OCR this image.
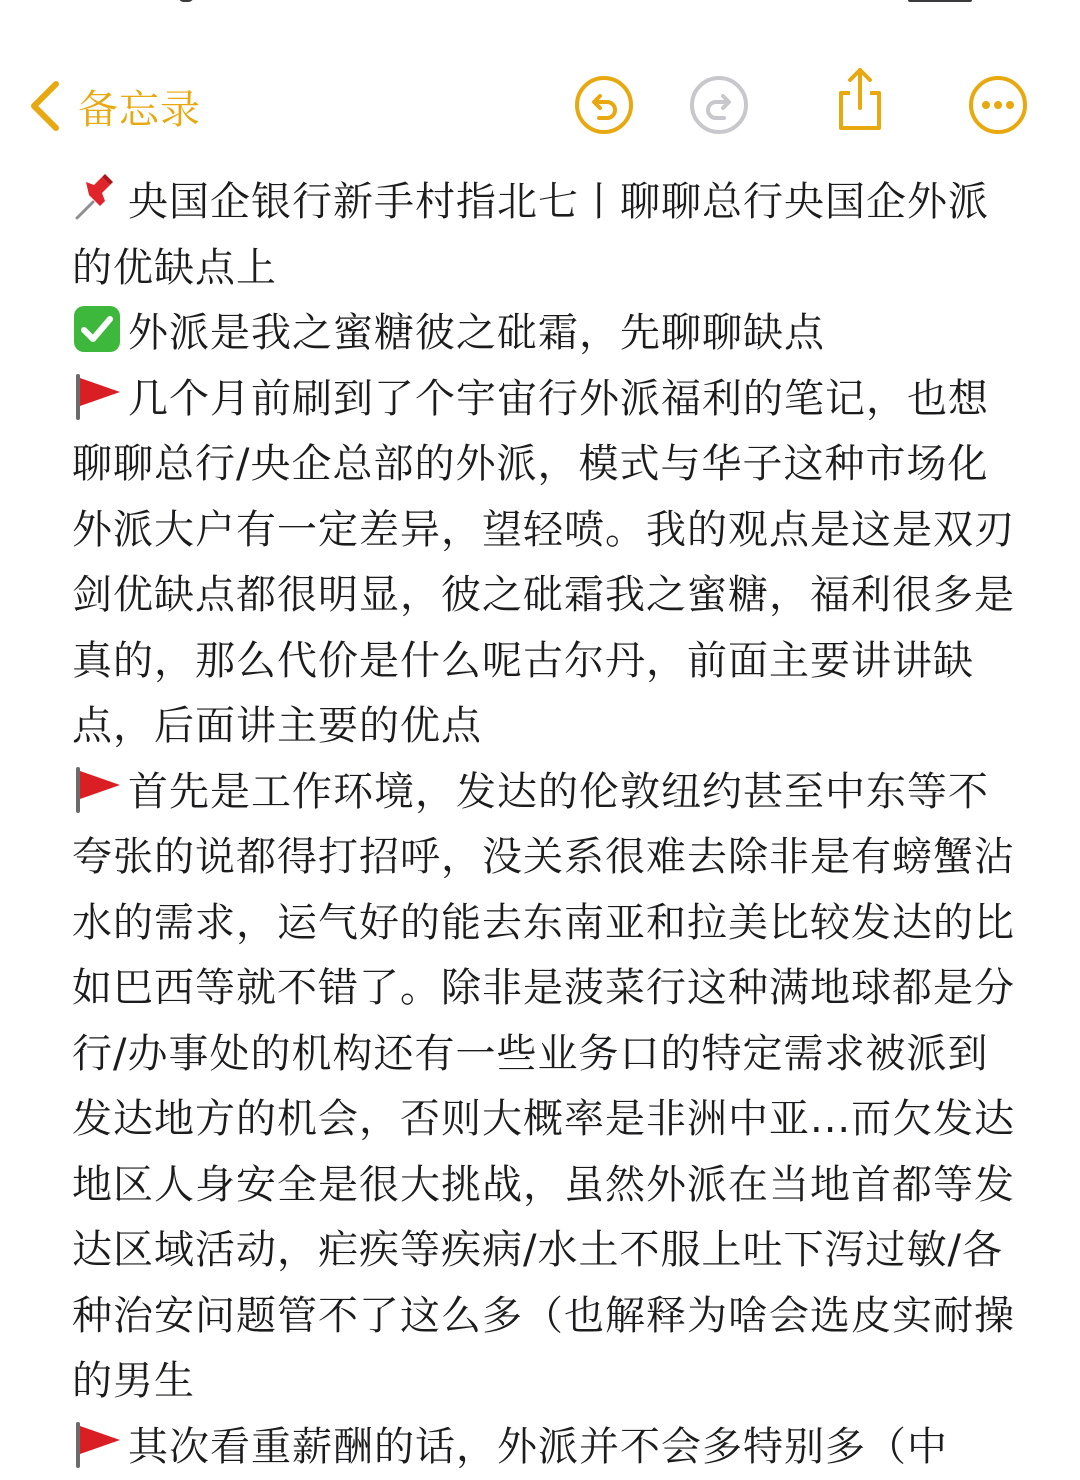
备忘录

央国企银行新手村指北七丨聊聊总行央国企外派的优缺点上

外派是我之蜜糖彼之砒霜，先聊聊缺点

几个月前刷到了个宇宙行外派福利的笔记，也想聊聊总行/央企总部的外派，模式与华子这种市场化外派大户有一定差异，望轻喷。我的观点是这是双刃剑优缺点都很明显，彼之砒霜我之蜜糖，福利很多是真的，那么代价是什么呢古尔丹，前面主要讲讲缺点，后面讲主要的优点

首先是工作环境，发达的伦敦纽约甚至中东等不夸张的说都得打招呼，没关系很难去除非是有螃蟹沾水的需求，运气好的能去东南亚和拉美比较发达的比如巴西等就不错了。除非是菠菜行这种满地球都是分行/办事处的机构还有一些业务口的特定需求被派到发达地方的机会，否则大概率是非洲中亚...而欠发达地区人身安全是很大挑战，虽然外派在当地首都等发达区域活动，疟疾等疾病/水土不服上吐下泻过敏/各种治安问题管不了这么多（也解释为啥会选皮实耐操的男生

其次看重薪酬的话，外派并不会多特别多（中
